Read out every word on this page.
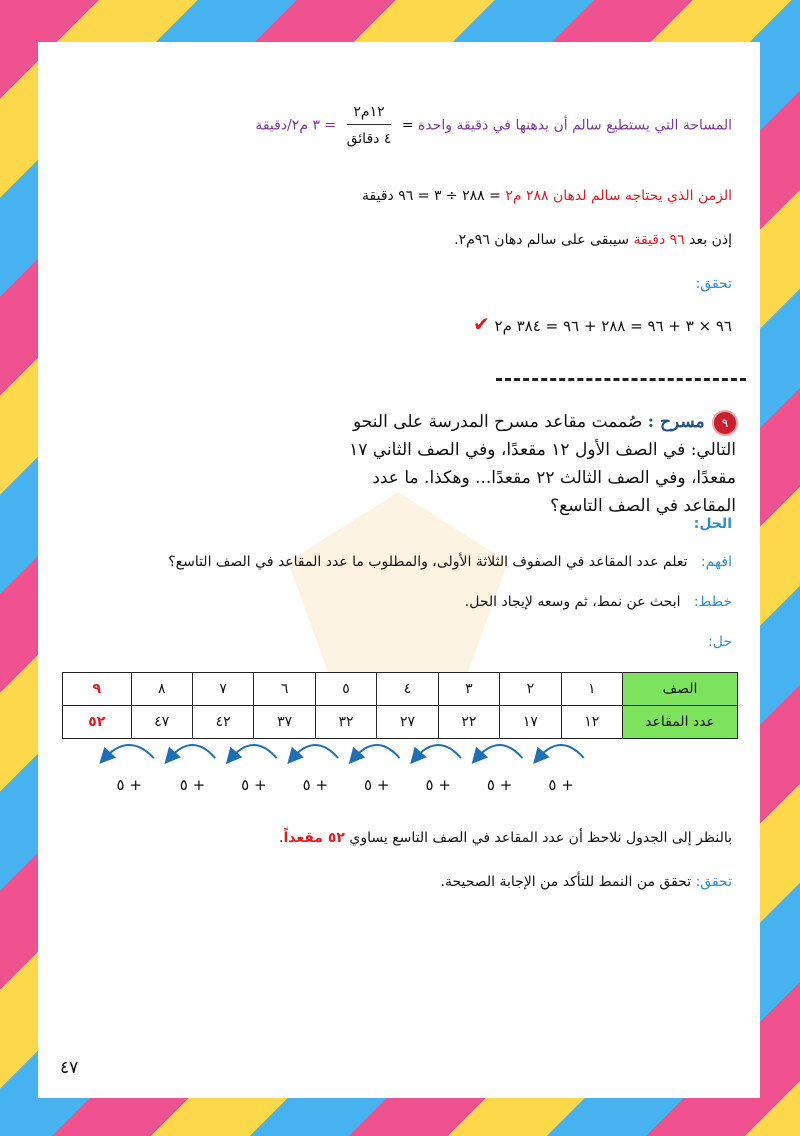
المساحة التي يستطيع سالم أن يدهنها في دقيقة واحدة =
$\frac{\text{١٢م٢}}{\text{٤ دقائق}}$
= ٣ م٢/دقيقة
الزمن الذي يحتاجه سالم لدهان ٢٨٨ م٢ = ٢٨٨ ÷ ٣ = ٩٦ دقيقة
إذن بعد ٩٦ دقيقة سيبقى على سالم دهان ٩٦م٢.
تحقق:
٩٦ × ٣ + ٩٦ = ٢٨٨ + ٩٦ = ٣٨٤ م٢ ✔
٩ مسرح : صُممت مقاعد مسرح المدرسة على النحو التالي: في الصف الأول ١٢ مقعدًا، وفي الصف الثاني ١٧ مقعدًا، وفي الصف الثالث ٢٢ مقعدًا... وهكذا. ما عدد المقاعد في الصف التاسع؟
الحل:
افهم:   تعلم عدد المقاعد في الصفوف الثلاثة الأولى، والمطلوب ما عدد المقاعد في الصف التاسع؟
خطط:   ابحث عن نمط، ثم وسعه لإيجاد الحل.
حل:
الصف	١	٢	٣	٤	٥	٦	٧	٨	٩
عدد المقاعد	١٢	١٧	٢٢	٢٧	٣٢	٣٧	٤٢	٤٧	٥٢
٥ +
٥ +
٥ +
٥ +
٥ +
٥ +
٥ +
٥ +
بالنظر إلى الجدول نلاحظ أن عدد المقاعد في الصف التاسع يساوي ٥٢ مقعداً.
تحقق: تحقق من النمط للتأكد من الإجابة الصحيحة.
٤٧
